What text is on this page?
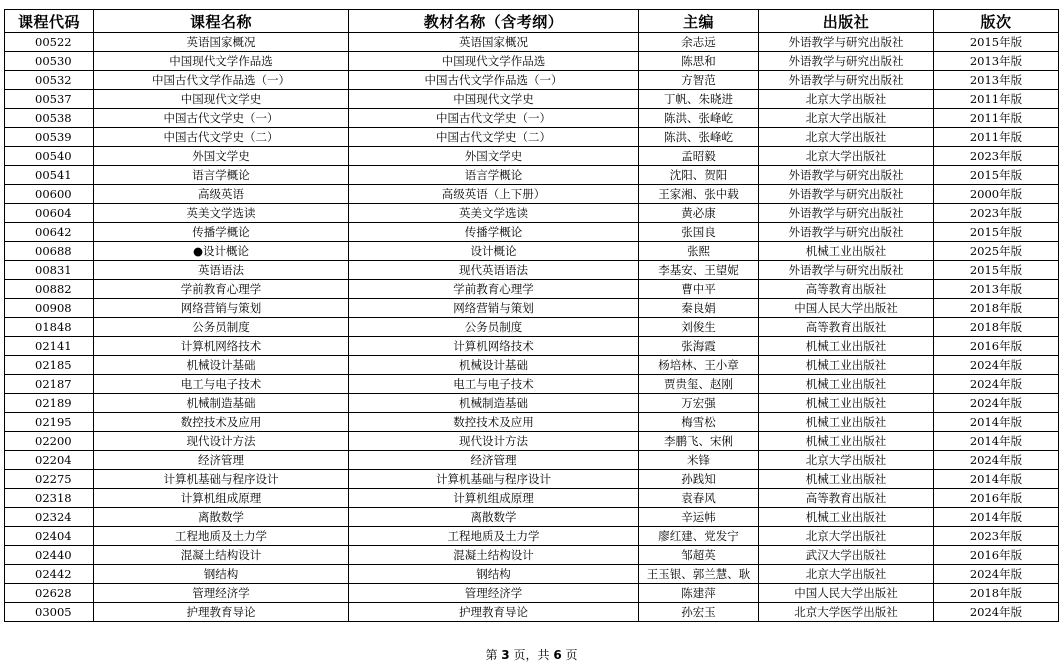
课程代码	课程名称	教材名称（含考纲）	主编	出版社	版次
00522	英语国家概况	英语国家概况	余志远	外语教学与研究出版社	2015年版
00530	中国现代文学作品选	中国现代文学作品选	陈思和	外语教学与研究出版社	2013年版
00532	中国古代文学作品选（一）	中国古代文学作品选（一）	方智范	外语教学与研究出版社	2013年版
00537	中国现代文学史	中国现代文学史	丁帆、朱晓进	北京大学出版社	2011年版
00538	中国古代文学史（一）	中国古代文学史（一）	陈洪、张峰屹	北京大学出版社	2011年版
00539	中国古代文学史（二）	中国古代文学史（二）	陈洪、张峰屹	北京大学出版社	2011年版
00540	外国文学史	外国文学史	孟昭毅	北京大学出版社	2023年版
00541	语言学概论	语言学概论	沈阳、贺阳	外语教学与研究出版社	2015年版
00600	高级英语	高级英语（上下册）	王家湘、张中载	外语教学与研究出版社	2000年版
00604	英美文学选读	英美文学选读	黄必康	外语教学与研究出版社	2023年版
00642	传播学概论	传播学概论	张国良	外语教学与研究出版社	2015年版
00688	●设计概论	设计概论	张熙	机械工业出版社	2025年版
00831	英语语法	现代英语语法	李基安、王望妮	外语教学与研究出版社	2015年版
00882	学前教育心理学	学前教育心理学	曹中平	高等教育出版社	2013年版
00908	网络营销与策划	网络营销与策划	秦良娟	中国人民大学出版社	2018年版
01848	公务员制度	公务员制度	刘俊生	高等教育出版社	2018年版
02141	计算机网络技术	计算机网络技术	张海霞	机械工业出版社	2016年版
02185	机械设计基础	机械设计基础	杨培林、王小章	机械工业出版社	2024年版
02187	电工与电子技术	电工与电子技术	贾贵玺、赵刚	机械工业出版社	2024年版
02189	机械制造基础	机械制造基础	万宏强	机械工业出版社	2024年版
02195	数控技术及应用	数控技术及应用	梅雪松	机械工业出版社	2014年版
02200	现代设计方法	现代设计方法	李鹏飞、宋俐	机械工业出版社	2014年版
02204	经济管理	经济管理	米锋	北京大学出版社	2024年版
02275	计算机基础与程序设计	计算机基础与程序设计	孙践知	机械工业出版社	2014年版
02318	计算机组成原理	计算机组成原理	袁春风	高等教育出版社	2016年版
02324	离散数学	离散数学	辛运帏	机械工业出版社	2014年版
02404	工程地质及土力学	工程地质及土力学	廖红建、党发宁	北京大学出版社	2023年版
02440	混凝土结构设计	混凝土结构设计	邹超英	武汉大学出版社	2016年版
02442	钢结构	钢结构	王玉银、郭兰慧、耿	北京大学出版社	2024年版
02628	管理经济学	管理经济学	陈建萍	中国人民大学出版社	2018年版
03005	护理教育导论	护理教育导论	孙宏玉	北京大学医学出版社	2024年版
第 3 页，共 6 页
